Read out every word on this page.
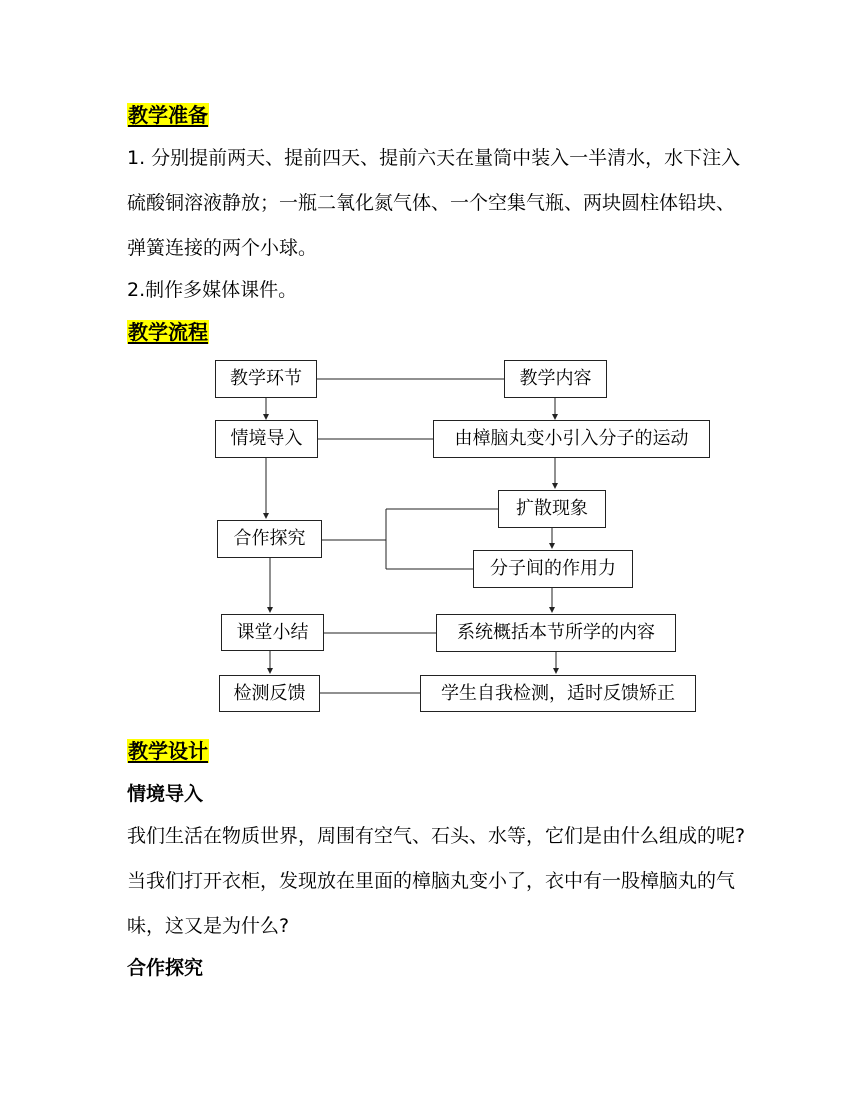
教学准备

1. 分别提前两天、提前四天、提前六天在量筒中装入一半清水，水下注入硫酸铜溶液静放；一瓶二氧化氮气体、一个空集气瓶、两块圆柱体铅块、弹簧连接的两个小球。

2.制作多媒体课件。

教学流程
教学环节
情境导入
合作探究
课堂小结
检测反馈
教学内容
由樟脑丸变小引入分子的运动
扩散现象
分子间的作用力
系统概括本节所学的内容
学生自我检测，适时反馈矫正
教学设计
情境导入

我们生活在物质世界，周围有空气、石头、水等，它们是由什么组成的呢?当我们打开衣柜，发现放在里面的樟脑丸变小了，衣中有一股樟脑丸的气味，这又是为什么?

合作探究
